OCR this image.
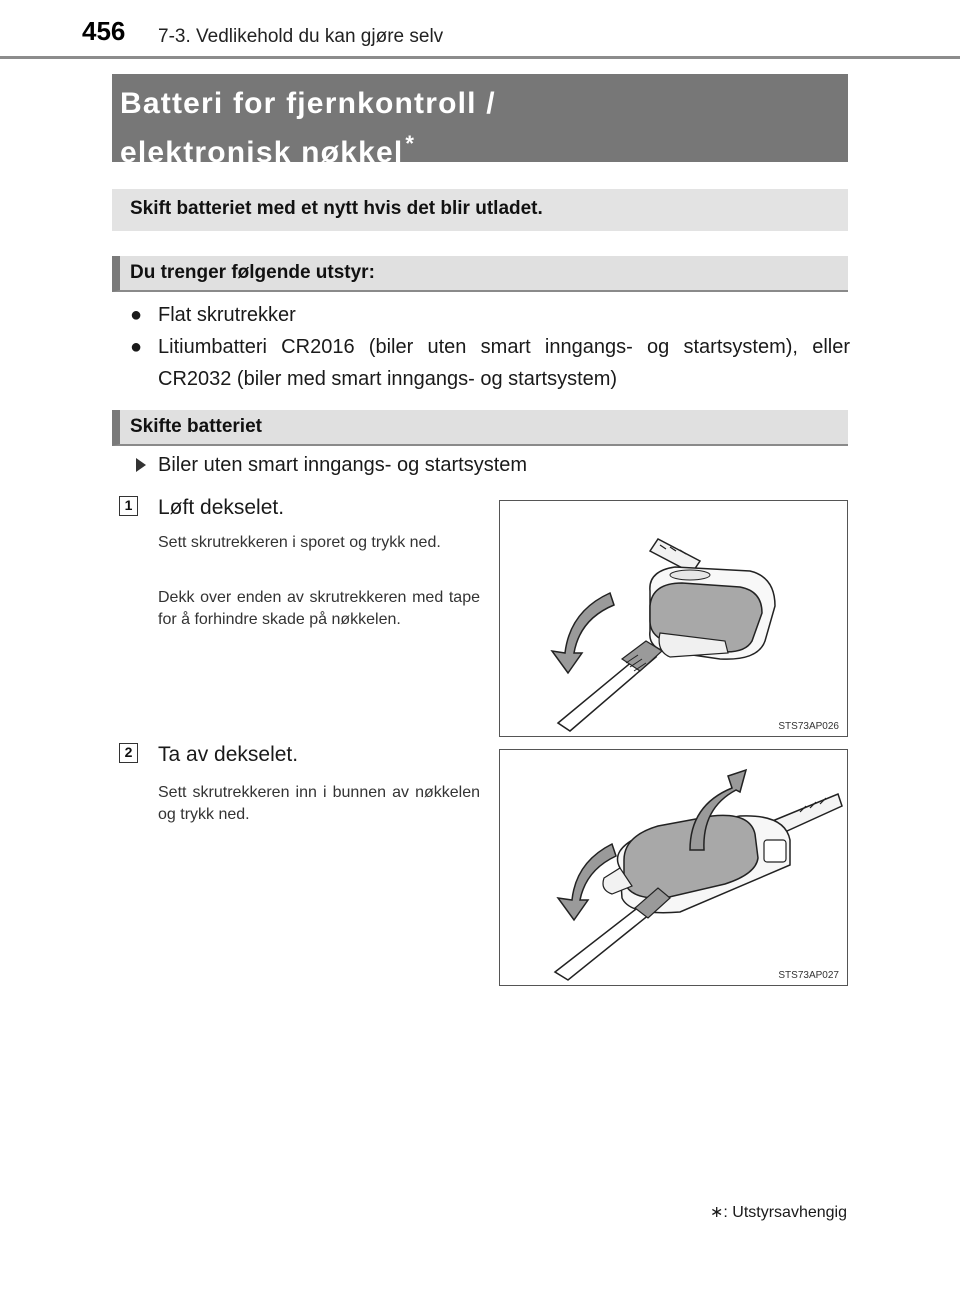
456 7-3. Vedlikehold du kan gjøre selv
Batteri for fjernkontroll /
elektronisk nøkkel*
Skift batteriet med et nytt hvis det blir utladet.
Du trenger følgende utstyr:
● Flat skrutrekker
● Litiumbatteri CR2016 (biler uten smart inngangs- og startsystem), eller CR2032 (biler med smart inngangs- og startsystem)
Skifte batteriet
Biler uten smart inngangs- og startsystem
1 Løft dekselet.
Sett skrutrekkeren i sporet og trykk ned.
Dekk over enden av skrutrekkeren med tape for å forhindre skade på nøkkelen.
STS73AP026
2 Ta av dekselet.
Sett skrutrekkeren inn i bunnen av nøkkelen og trykk ned.
STS73AP027
∗: Utstyrsavhengig
